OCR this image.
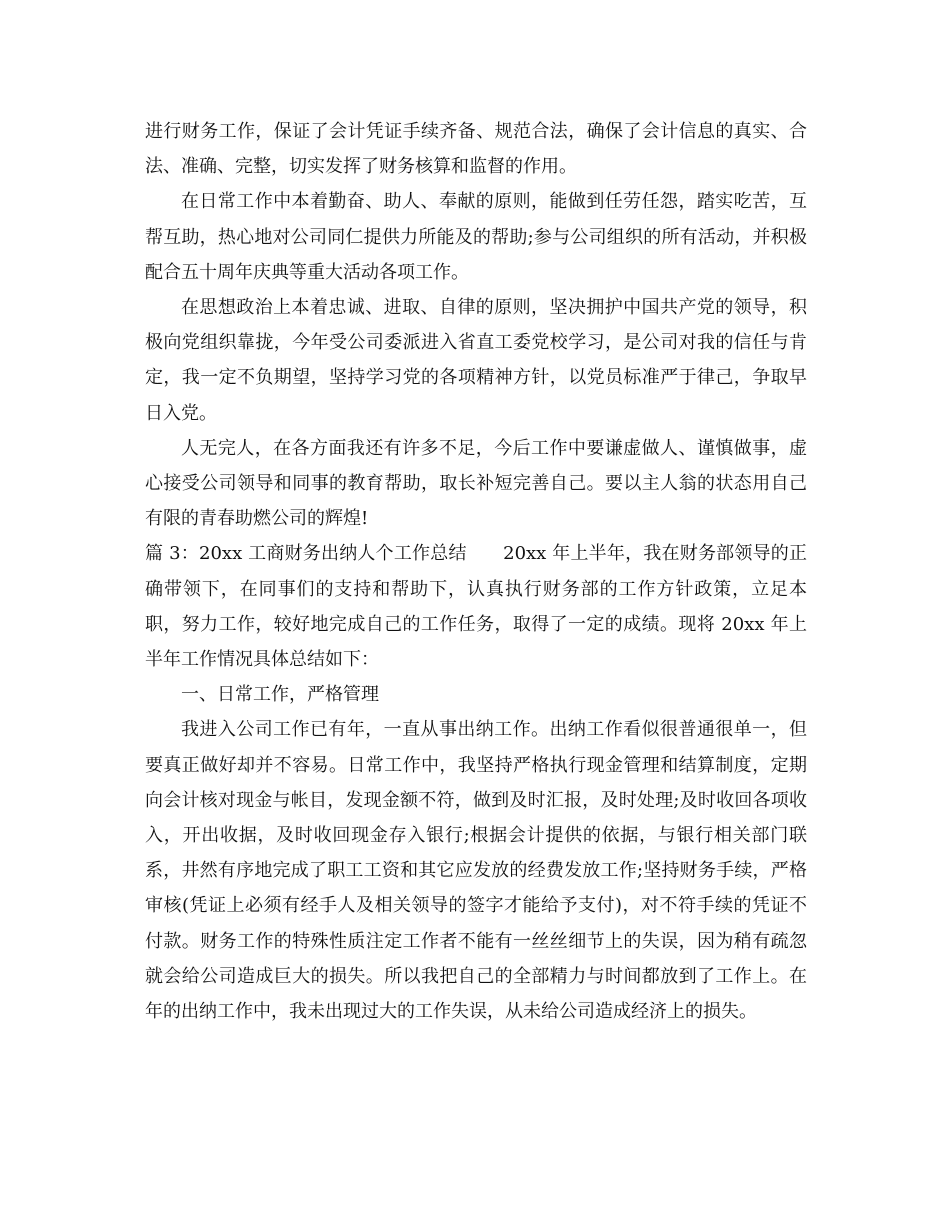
进行财务工作，保证了会计凭证手续齐备、规范合法，确保了会计信息的真实、合法、准确、完整，切实发挥了财务核算和监督的作用。

在日常工作中本着勤奋、助人、奉献的原则，能做到任劳任怨，踏实吃苦，互帮互助，热心地对公司同仁提供力所能及的帮助;参与公司组织的所有活动，并积极配合五十周年庆典等重大活动各项工作。

在思想政治上本着忠诚、进取、自律的原则，坚决拥护中国共产党的领导，积极向党组织靠拢，今年受公司委派进入省直工委党校学习，是公司对我的信任与肯定，我一定不负期望，坚持学习党的各项精神方针，以党员标准严于律己，争取早日入党。

人无完人，在各方面我还有许多不足，今后工作中要谦虚做人、谨慎做事，虚心接受公司领导和同事的教育帮助，取长补短完善自己。要以主人翁的状态用自己有限的青春助燃公司的辉煌!

篇 3：20xx 工商财务出纳人个工作总结　　20xx 年上半年，我在财务部领导的正确带领下，在同事们的支持和帮助下，认真执行财务部的工作方针政策，立足本职，努力工作，较好地完成自己的工作任务，取得了一定的成绩。现将 20xx 年上半年工作情况具体总结如下：

一、日常工作，严格管理

我进入公司工作已有年，一直从事出纳工作。出纳工作看似很普通很单一，但要真正做好却并不容易。日常工作中，我坚持严格执行现金管理和结算制度，定期向会计核对现金与帐目，发现金额不符，做到及时汇报，及时处理;及时收回各项收入，开出收据，及时收回现金存入银行;根据会计提供的依据，与银行相关部门联系，井然有序地完成了职工工资和其它应发放的经费发放工作;坚持财务手续，严格审核(凭证上必须有经手人及相关领导的签字才能给予支付)，对不符手续的凭证不付款。财务工作的特殊性质注定工作者不能有一丝丝细节上的失误，因为稍有疏忽就会给公司造成巨大的损失。所以我把自己的全部精力与时间都放到了工作上。在年的出纳工作中，我未出现过大的工作失误，从未给公司造成经济上的损失。
